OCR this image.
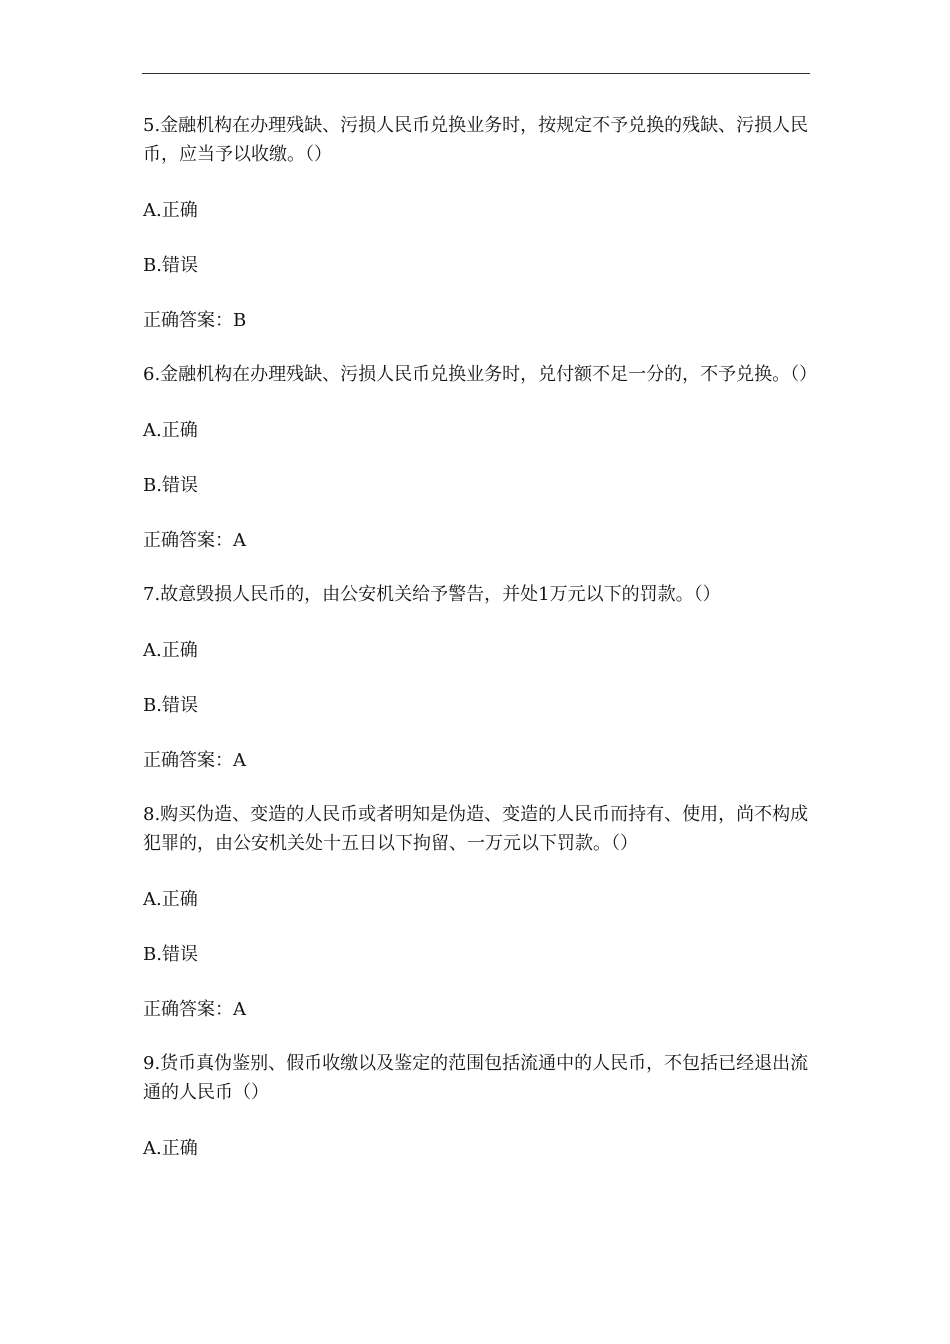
5.金融机构在办理残缺、污损人民币兑换业务时，按规定不予兑换的残缺、污损人民币，应当予以收缴。（）

A.正确

B.错误

正确答案：B

6.金融机构在办理残缺、污损人民币兑换业务时，兑付额不足一分的，不予兑换。（）

A.正确

B.错误

正确答案：A

7.故意毁损人民币的，由公安机关给予警告，并处1万元以下的罚款。（）

A.正确

B.错误

正确答案：A

8.购买伪造、变造的人民币或者明知是伪造、变造的人民币而持有、使用，尚不构成犯罪的，由公安机关处十五日以下拘留、一万元以下罚款。（）

A.正确

B.错误

正确答案：A

9.货币真伪鉴别、假币收缴以及鉴定的范围包括流通中的人民币，不包括已经退出流通的人民币（）

A.正确
